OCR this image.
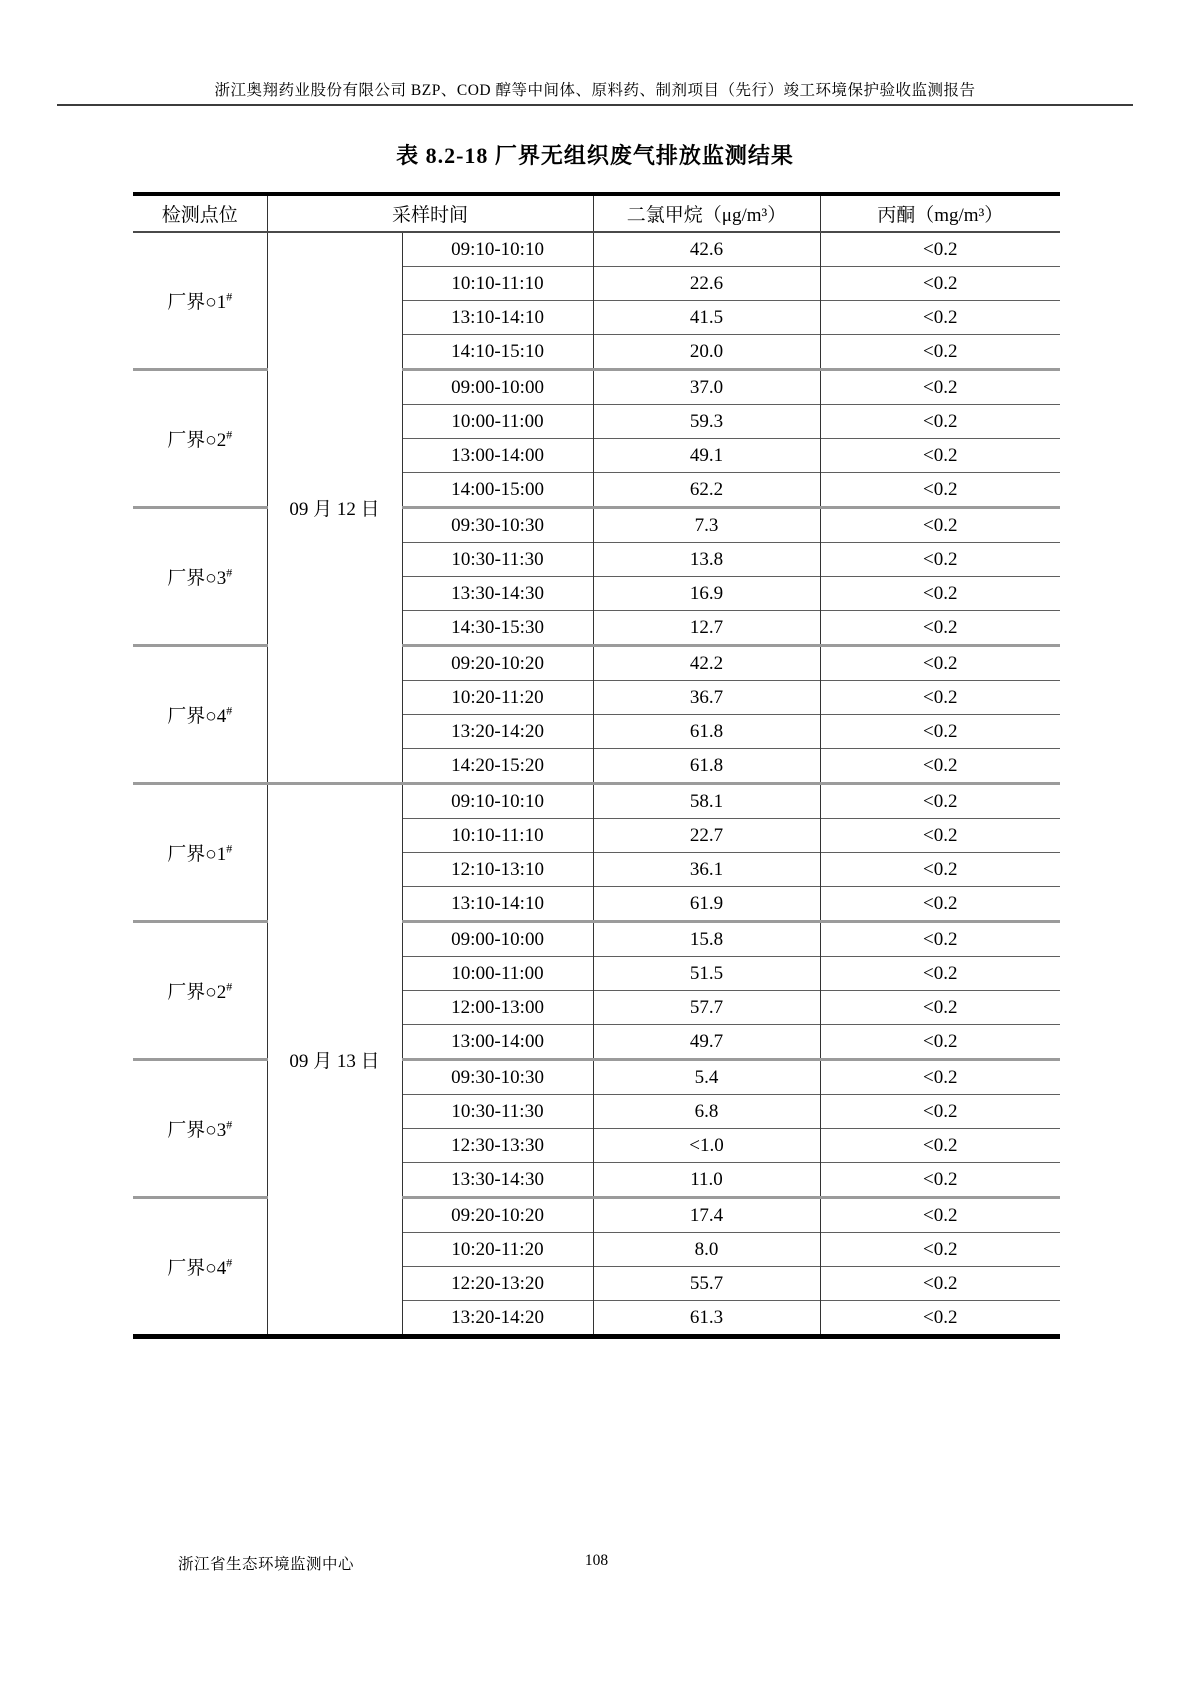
浙江奥翔药业股份有限公司 BZP、COD 醇等中间体、原料药、制剂项目（先行）竣工环境保护验收监测报告
表 8.2-18 厂界无组织废气排放监测结果
检测点位	采样时间		二氯甲烷（μg/m³）	丙酮（mg/m³）
厂界○1#	09 月 12 日	09:10-10:10	42.6	<0.2
		10:10-11:10	22.6	<0.2
		13:10-14:10	41.5	<0.2
		14:10-15:10	20.0	<0.2
厂界○2#		09:00-10:00	37.0	<0.2
		10:00-11:00	59.3	<0.2
		13:00-14:00	49.1	<0.2
		14:00-15:00	62.2	<0.2
厂界○3#		09:30-10:30	7.3	<0.2
		10:30-11:30	13.8	<0.2
		13:30-14:30	16.9	<0.2
		14:30-15:30	12.7	<0.2
厂界○4#		09:20-10:20	42.2	<0.2
		10:20-11:20	36.7	<0.2
		13:20-14:20	61.8	<0.2
		14:20-15:20	61.8	<0.2
厂界○1#	09 月 13 日	09:10-10:10	58.1	<0.2
		10:10-11:10	22.7	<0.2
		12:10-13:10	36.1	<0.2
		13:10-14:10	61.9	<0.2
厂界○2#		09:00-10:00	15.8	<0.2
		10:00-11:00	51.5	<0.2
		12:00-13:00	57.7	<0.2
		13:00-14:00	49.7	<0.2
厂界○3#		09:30-10:30	5.4	<0.2
		10:30-11:30	6.8	<0.2
		12:30-13:30	<1.0	<0.2
		13:30-14:30	11.0	<0.2
厂界○4#		09:20-10:20	17.4	<0.2
		10:20-11:20	8.0	<0.2
		12:20-13:20	55.7	<0.2
		13:20-14:20	61.3	<0.2
浙江省生态环境监测中心	108
